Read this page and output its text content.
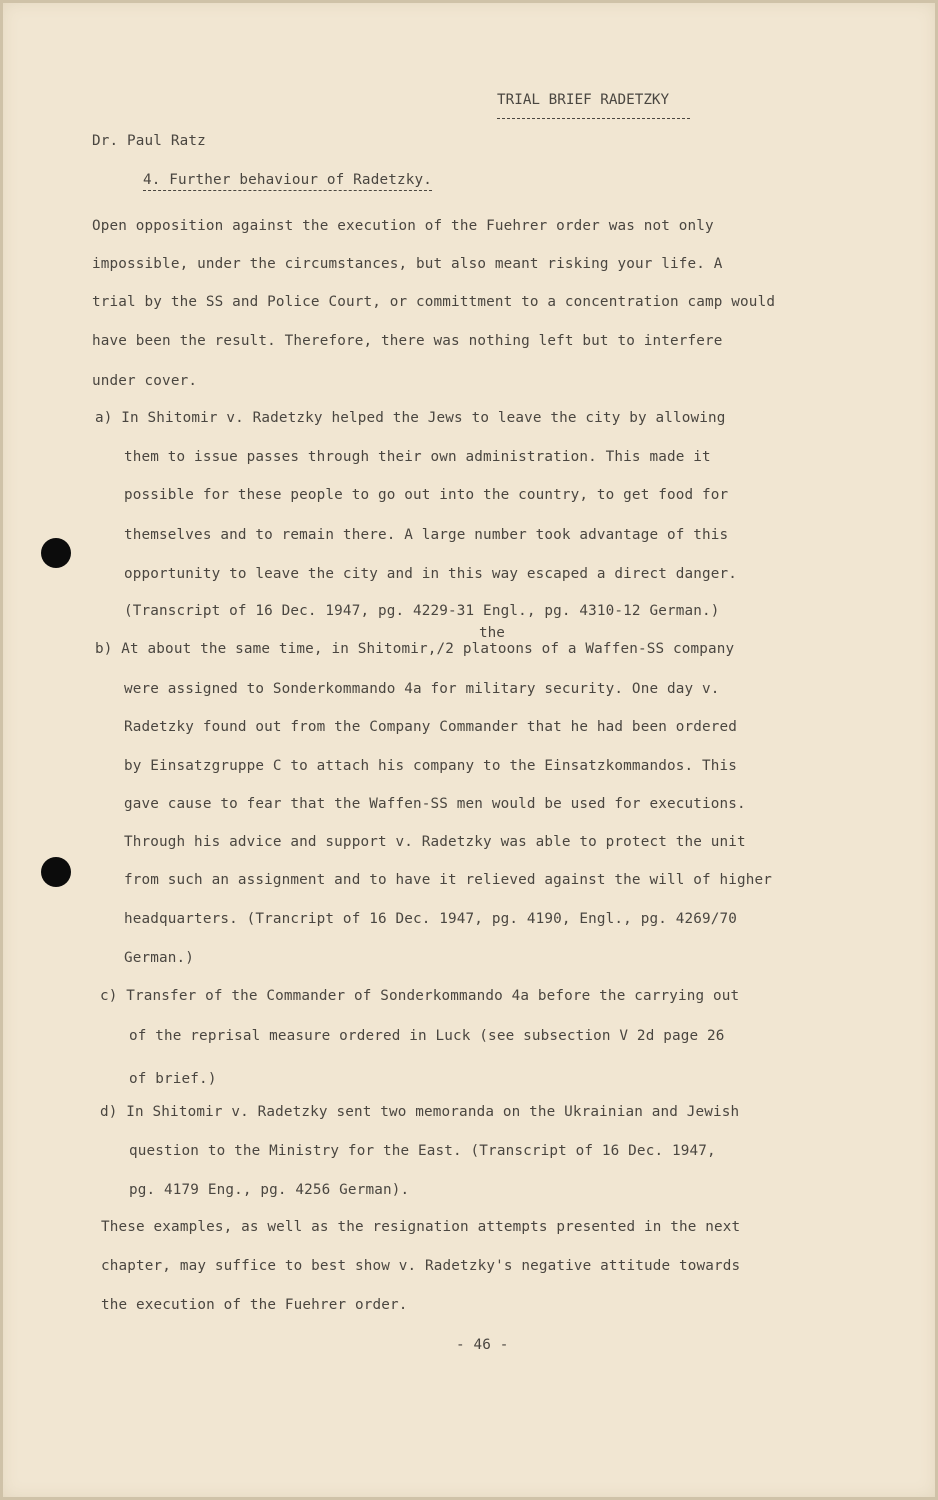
TRIAL BRIEF RADETZKY
Dr. Paul Ratz
4. Further behaviour of Radetzky.
Open opposition against the execution of the Fuehrer order was not only
impossible, under the circumstances, but also meant risking your life. A
trial by the SS and Police Court, or committment to a concentration camp would
have been the result. Therefore, there was nothing left but to interfere
under cover.
a) In Shitomir v. Radetzky helped the Jews to leave the city by allowing
them to issue passes through their own administration. This made it
possible for these people to go out into the country, to get food for
themselves and to remain there. A large number took advantage of this
opportunity to leave the city and in this way escaped a direct danger.
(Transcript of 16 Dec. 1947, pg. 4229-31 Engl., pg. 4310-12 German.)
the
b) At about the same time, in Shitomir,/2 platoons of a Waffen-SS company
were assigned to Sonderkommando 4a for military security. One day v.
Radetzky found out from the Company Commander that he had been ordered
by Einsatzgruppe C to attach his company to the Einsatzkommandos. This
gave cause to fear that the Waffen-SS men would be used for executions.
Through his advice and support v. Radetzky was able to protect the unit
from such an assignment and to have it relieved against the will of higher
headquarters. (Trancript of 16 Dec. 1947, pg. 4190, Engl., pg. 4269/70
German.)
c) Transfer of the Commander of Sonderkommando 4a before the carrying out
of the reprisal measure ordered in Luck (see subsection V 2d page 26
of brief.)
d) In Shitomir v. Radetzky sent two memoranda on the Ukrainian and Jewish
question to the Ministry for the East. (Transcript of 16 Dec. 1947,
pg. 4179 Eng., pg. 4256 German).
These examples, as well as the resignation attempts presented in the next
chapter, may suffice to best show v. Radetzky's negative attitude towards
the execution of the Fuehrer order.
- 46 -
